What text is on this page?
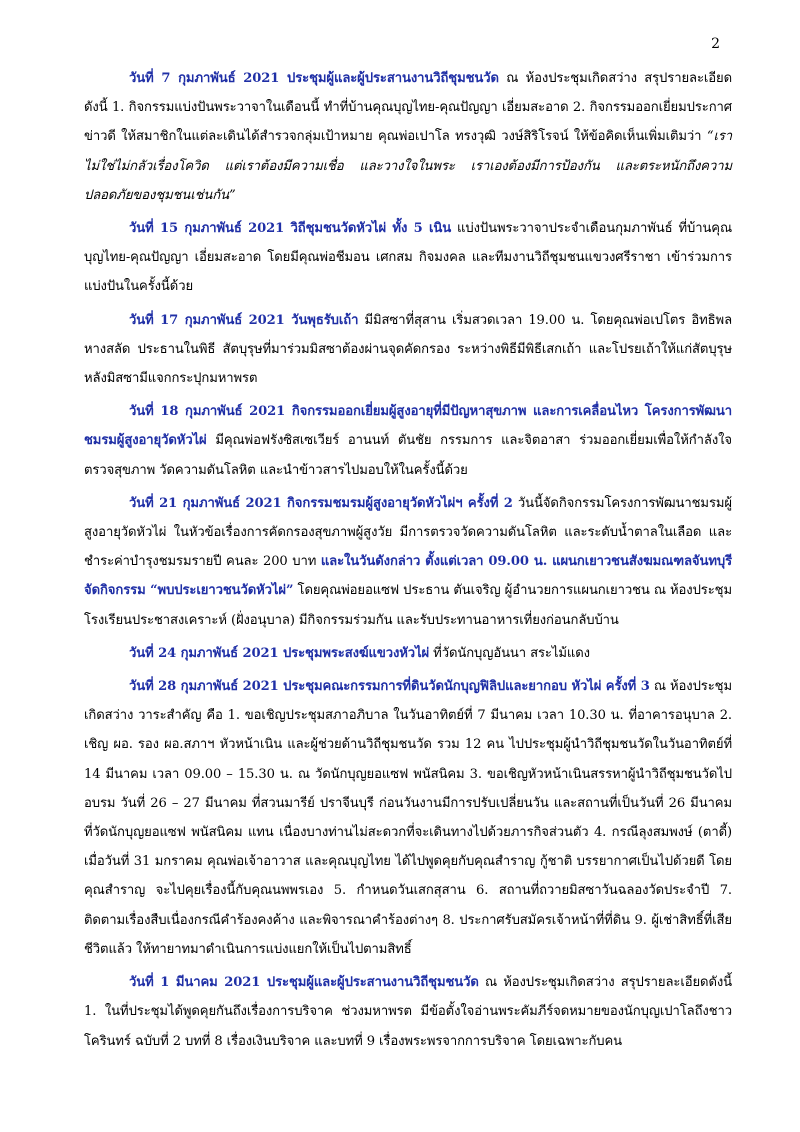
2

วันที่ 7 กุมภาพันธ์ 2021 ประชุมผู้และผู้ประสานงานวิถีชุมชนวัด ณ ห้องประชุมเกิดสว่าง สรุปรายละเอียดดังนี้ 1. กิจกรรมแบ่งปันพระวาจาในเดือนนี้ ทำที่บ้านคุณบุญไทย-คุณปัญญา เอี่ยมสะอาด 2. กิจกรรมออกเยี่ยมประกาศข่าวดี ให้สมาชิกในแต่ละเดินได้สำรวจกลุ่มเป้าหมาย คุณพ่อเปาโล ทรงวุฒิ วงษ์สิริโรจน์ ให้ข้อคิดเห็นเพิ่มเติมว่า “เราไม่ใช่ไม่กลัวเรื่องโควิด แต่เราต้องมีความเชื่อ และวางใจในพระ เราเองต้องมีการป้องกัน และตระหนักถึงความปลอดภัยของชุมชนเช่นกัน”

วันที่ 15 กุมภาพันธ์ 2021 วิถีชุมชนวัดหัวไผ่ ทั้ง 5 เนิน แบ่งปันพระวาจาประจำเดือนกุมภาพันธ์ ที่บ้านคุณบุญไทย-คุณปัญญา เอี่ยมสะอาด โดยมีคุณพ่อชีมอน เศกสม กิจมงคล และทีมงานวิถีชุมชนแขวงศรีราชา เข้าร่วมการแบ่งปันในครั้งนี้ด้วย

วันที่ 17 กุมภาพันธ์ 2021 วันพุธรับเถ้า มีมิสซาที่สุสาน เริ่มสวดเวลา 19.00 น. โดยคุณพ่อเปโตร อิทธิพล หางสลัด ประธานในพิธี สัตบุรุษที่มาร่วมมิสซาต้องผ่านจุดคัดกรอง ระหว่างพิธีมีพิธีเสกเถ้า และโปรยเถ้าให้แก่สัตบุรุษ หลังมิสซามีแจกกระปุกมหาพรต

วันที่ 18 กุมภาพันธ์ 2021 กิจกรรมออกเยี่ยมผู้สูงอายุที่มีปัญหาสุขภาพ และการเคลื่อนไหว โครงการพัฒนาชมรมผู้สูงอายุวัดหัวไผ่ มีคุณพ่อฟรังซิสเซเวียร์ อานนท์ ตันชัย กรรมการ และจิตอาสา ร่วมออกเยี่ยมเพื่อให้กำลังใจ ตรวจสุขภาพ วัดความดันโลหิต และนำข้าวสารไปมอบให้ในครั้งนี้ด้วย

วันที่ 21 กุมภาพันธ์ 2021 กิจกรรมชมรมผู้สูงอายุวัดหัวไผ่ฯ ครั้งที่ 2 วันนี้จัดกิจกรรมโครงการพัฒนาชมรมผู้สูงอายุวัดหัวไผ่ ในหัวข้อเรื่องการคัดกรองสุขภาพผู้สูงวัย มีการตรวจวัดความดันโลหิต และระดับน้ำตาลในเลือด และชำระค่าบำรุงชมรมรายปี คนละ 200 บาท และในวันดังกล่าว ตั้งแต่เวลา 09.00 น. แผนกเยาวชนสังฆมณฑลจันทบุรี จัดกิจกรรม “พบประเยาวชนวัดหัวไผ่” โดยคุณพ่อยอแซฟ ประธาน ตันเจริญ ผู้อำนวยการแผนกเยาวชน ณ ห้องประชุมโรงเรียนประชาสงเคราะห์ (ฝั่งอนุบาล) มีกิจกรรมร่วมกัน และรับประทานอาหารเที่ยงก่อนกลับบ้าน

วันที่ 24 กุมภาพันธ์ 2021 ประชุมพระสงฆ์แขวงหัวไผ่ ที่วัดนักบุญอันนา สระไม้แดง

วันที่ 28 กุมภาพันธ์ 2021 ประชุมคณะกรรมการที่ดินวัดนักบุญฟิลิปและยากอบ หัวไผ่ ครั้งที่ 3 ณ ห้องประชุมเกิดสว่าง วาระสำคัญ คือ 1. ขอเชิญประชุมสภาอภิบาล ในวันอาทิตย์ที่ 7 มีนาคม เวลา 10.30 น. ที่อาคารอนุบาล 2. เชิญ ผอ. รอง ผอ.สภาฯ หัวหน้าเนิน และผู้ช่วยด้านวิถีชุมชนวัด รวม 12 คน ไปประชุมผู้นำวิถีชุมชนวัดในวันอาทิตย์ที่ 14 มีนาคม เวลา 09.00 – 15.30 น. ณ วัดนักบุญยอแซฟ พนัสนิคม 3. ขอเชิญหัวหน้าเนินสรรหาผู้นำวิถีชุมชนวัดไปอบรม วันที่ 26 – 27 มีนาคม ที่สวนมารีย์ ปราจีนบุรี ก่อนวันงานมีการปรับเปลี่ยนวัน และสถานที่เป็นวันที่ 26 มีนาคม ที่วัดนักบุญยอแซฟ พนัสนิคม แทน เนื่องบางท่านไม่สะดวกที่จะเดินทางไปด้วยภารกิจส่วนตัว 4. กรณีลุงสมพงษ์ (ตาดี้) เมื่อวันที่ 31 มกราคม คุณพ่อเจ้าอาวาส และคุณบุญไทย ได้ไปพูดคุยกับคุณสำราญ กู้ชาติ บรรยากาศเป็นไปด้วยดี โดยคุณสำราญ จะไปคุยเรื่องนี้กับคุณนพพรเอง 5. กำหนดวันเสกสุสาน 6. สถานที่ถวายมิสซาวันฉลองวัดประจำปี 7. ติดตามเรื่องสืบเนื่องกรณีคำร้องคงค้าง และพิจารณาคำร้องต่างๆ 8. ประกาศรับสมัครเจ้าหน้าที่ที่ดิน 9. ผู้เช่าสิทธิ์ที่เสียชีวิตแล้ว ให้ทายาทมาดำเนินการแบ่งแยกให้เป็นไปตามสิทธิ์

วันที่ 1 มีนาคม 2021 ประชุมผู้และผู้ประสานงานวิถีชุมชนวัด ณ ห้องประชุมเกิดสว่าง สรุปรายละเอียดดังนี้ 1. ในที่ประชุมได้พูดคุยกันถึงเรื่องการบริจาค ช่วงมหาพรต มีข้อตั้งใจอ่านพระคัมภีร์จดหมายของนักบุญเปาโลถึงชาวโครินทร์ ฉบับที่ 2 บทที่ 8 เรื่องเงินบริจาค และบทที่ 9 เรื่องพระพรจากการบริจาค โดยเฉพาะกับคน
